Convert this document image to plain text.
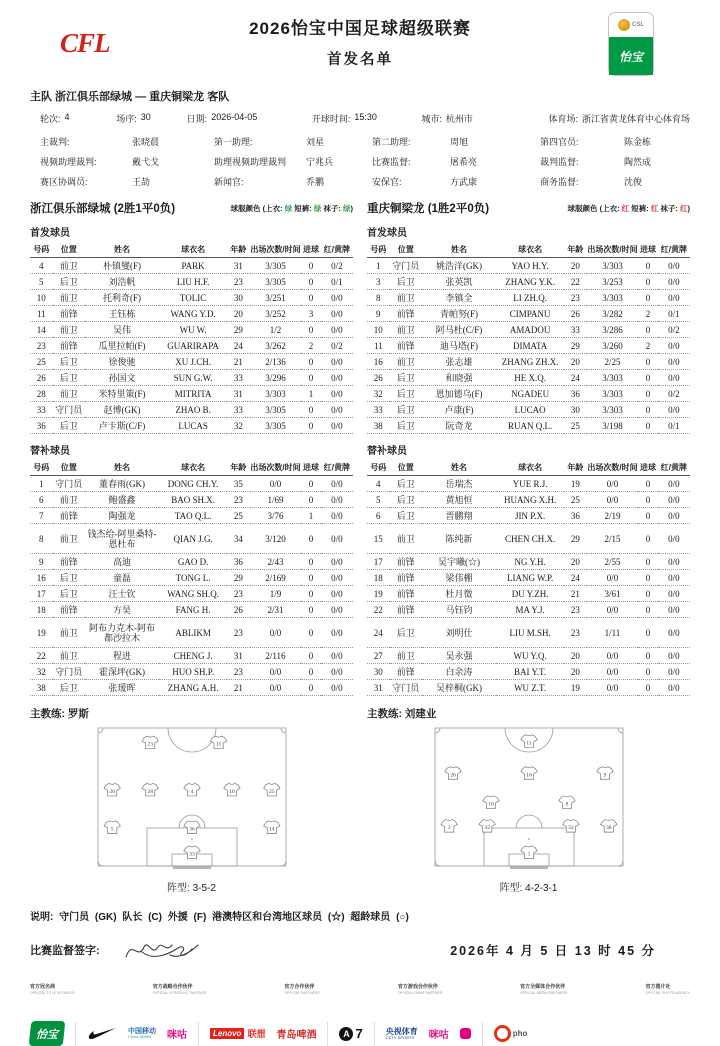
CFL	2026怡宝中国足球超级联赛
首发名单
CSL
怡宝
主队 浙江俱乐部绿城 — 重庆铜梁龙 客队
轮次: 4	场序: 30	日期: 2026-04-05	开球时间: 15:30	城市: 杭州市	体育场: 浙江省黄龙体育中心体育场
主裁判:	张晓晨	第一助理:	刘星	第二助理:	周旭	第四官员:	陈金栋
视频助理裁判:	戴弋戈	助理视频助理裁判	宁兆兵	比赛监督:	屠希亮	裁判监督:	陶然成
赛区协调员:	王劼	新闻官:	乔鹏	安保官:	方武康	商务监督:	沈俊
浙江俱乐部绿城 (2胜1平0负)	球服颜色 (上衣: 绿 短裤: 绿 袜子: 绿)
首发球员
号码	位置	姓名	球衣名	年龄	出场次数/时间	进球	红/黄牌
4	前卫	朴镇燮(F)	PARK	31	3/305	0	0/2
5	后卫	刘浩帆	LIU H.F.	23	3/305	0	0/1
10	前卫	托利奇(F)	TOLIC	30	3/251	0	0/0
11	前锋	王钰栋	WANG Y.D.	20	3/252	3	0/0
14	前卫	吴伟	WU W.	29	1/2	0	0/0
23	前锋	瓜里拉帕(F)	GUARIRAPA	24	3/262	2	0/2
25	后卫	徐俊驰	XU J.CH.	21	2/136	0	0/0
26	后卫	孙国文	SUN G.W.	33	3/296	0	0/0
28	前卫	米特里策(F)	MITRITA	31	3/303	1	0/0
33	守门员	赵博(GK)	ZHAO B.	33	3/305	0	0/0
36	后卫	卢卡斯(C/F)	LUCAS	32	3/305	0	0/0
替补球员
号码	位置	姓名	球衣名	年龄	出场次数/时间	进球	红/黄牌
1	守门员	董春雨(GK)	DONG CH.Y.	35	0/0	0	0/0
6	前卫	鲍盛鑫	BAO SH.X.	23	1/69	0	0/0
7	前锋	陶强龙	TAO Q.L.	25	3/76	1	0/0
8	前卫	钱杰给-阿里桑特-恩杜布	QIAN J.G.	34	3/120	0	0/0
9	前锋	高迪	GAO D.	36	2/43	0	0/0
16	后卫	童磊	TONG L.	29	2/169	0	0/0
17	后卫	汪士钦	WANG SH.Q.	23	1/9	0	0/0
18	前锋	方昊	FANG H.	26	2/31	0	0/0
19	前卫	阿布力克木-阿布都沙拉木	ABLIKM	23	0/0	0	0/0
22	前卫	程进	CHENG J.	31	2/116	0	0/0
32	守门员	霍深坪(GK)	HUO SH.P.	23	0/0	0	0/0
38	后卫	张瑷晖	ZHANG A.H.	21	0/0	0	0/0
重庆铜梁龙 (1胜2平0负)	球服颜色 (上衣: 红 短裤: 红 袜子: 红)
首发球员
号码	位置	姓名	球衣名	年龄	出场次数/时间	进球	红/黄牌
1	守门员	姚浩洋(GK)	YAO H.Y.	20	3/303	0	0/0
3	后卫	张英凯	ZHANG Y.K.	22	3/253	0	0/0
8	前卫	李镇全	LI ZH.Q.	23	3/303	0	0/0
9	前锋	青帕努(F)	CIMPANU	26	3/282	2	0/1
10	前卫	阿马杜(C/F)	AMADOU	33	3/286	0	0/2
11	前锋	迪马塔(F)	DIMATA	29	3/260	2	0/0
16	前卫	张志雄	ZHANG ZH.X.	20	2/25	0	0/0
26	后卫	和晓强	HE X.Q.	24	3/303	0	0/0
32	后卫	恩加德乌(F)	NGADEU	36	3/303	0	0/2
33	后卫	卢康(F)	LUCAO	30	3/303	0	0/0
38	后卫	阮奇龙	RUAN Q.L.	25	3/198	0	0/1
替补球员
号码	位置	姓名	球衣名	年龄	出场次数/时间	进球	红/黄牌
4	后卫	岳瑞杰	YUE R.J.	19	0/0	0	0/0
5	后卫	黄旭恒	HUANG X.H.	25	0/0	0	0/0
6	后卫	晋鹏翔	JIN P.X.	36	2/19	0	0/0
15	前卫	陈纯新	CHEN CH.X.	29	2/15	0	0/0
17	前锋	吴宇曦(☆)	NG Y.H.	20	2/55	0	0/0
18	前锋	梁伟棚	LIANG W.P.	24	0/0	0	0/0
19	前锋	杜月徵	DU Y.ZH.	21	3/61	0	0/0
22	前锋	马钰钧	MA Y.J.	23	0/0	0	0/0
24	后卫	刘明仕	LIU M.SH.	23	1/11	0	0/0
27	前卫	吴永强	WU Y.Q.	20	0/0	0	0/0
30	前锋	白余涛	BAI Y.T.	20	0/0	0	0/0
31	守门员	吴梓桐(GK)	WU Z.T.	19	0/0	0	0/0
主教练: 罗斯	主教练: 刘建业
23	11
26	28	4	10	25
5	36	14
33
阵型: 3-5-2
11
26	16	9
10	8
3	32	33	38
1
阵型: 4-2-3-1
说明: 守门员 (GK) 队长 (C) 外援 (F) 港澳特区和台湾地区球员 (☆) 超龄球员 (○)
比赛监督签字:	2026年 4 月 5 日 13 时 45 分
官方冠名商
OFFICIAL TITLE SPONSOR
官方战略合作伙伴
OFFICIAL STRATEGIC PARTNER
官方合作伙伴
OFFICIAL PARTNERS
官方游戏合作伙伴
OFFICIAL GAME PARTNER
官方全媒体合作伙伴
OFFICIAL MEDIA PARTNERS
官方图片社
OFFICIAL PHOTO AGENCY
怡宝	中国移动
China Mobile	咪咕	Lenovo 联想 青岛啤酒	A 7	央视体育
CCTV SPORTS	咪咕	pho
